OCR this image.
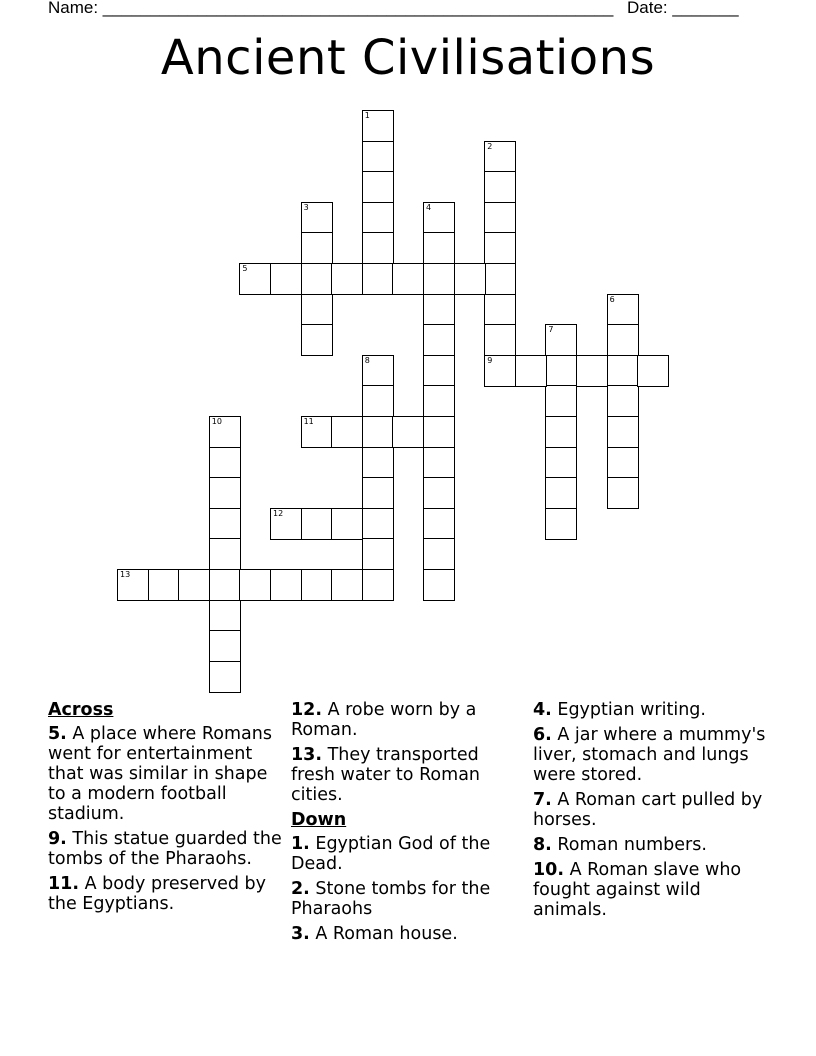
Name: ______________________________________________________ Date: _______
Ancient Civilisations
1
2
9
3	4
5
6
7
8
10	11
12
13
Across
5. A place where Romans went for entertainment that was similar in shape to a modern football stadium.
9. This statue guarded the tombs of the Pharaohs.
11. A body preserved by the Egyptians.
12. A robe worn by a Roman.
13. They transported fresh water to Roman cities.
Down
1. Egyptian God of the Dead.
2. Stone tombs for the Pharaohs
3. A Roman house.
4. Egyptian writing.
6. A jar where a mummy's liver, stomach and lungs were stored.
7. A Roman cart pulled by horses.
8. Roman numbers.
10. A Roman slave who fought against wild animals.
